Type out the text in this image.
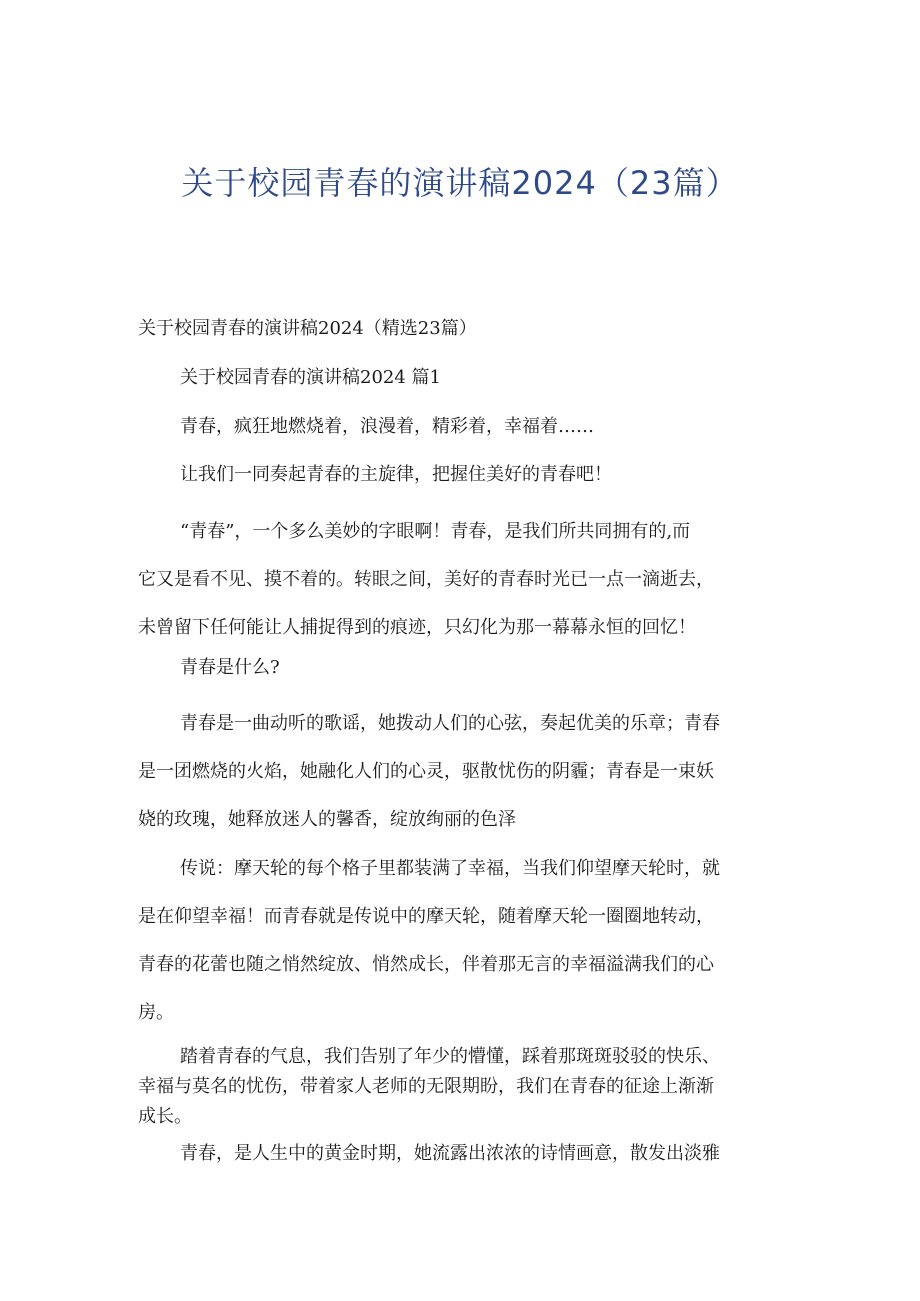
关于校园青春的演讲稿2024（23篇）

关于校园青春的演讲稿2024（精选23篇）

关于校园青春的演讲稿2024 篇1

青春，疯狂地燃烧着，浪漫着，精彩着，幸福着……

让我们一同奏起青春的主旋律，把握住美好的青春吧！

“青春”，一个多么美妙的字眼啊！青春，是我们所共同拥有的,而
它又是看不见、摸不着的。转眼之间，美好的青春时光已一点一滴逝去，
未曾留下任何能让人捕捉得到的痕迹，只幻化为那一幕幕永恒的回忆！

青春是什么?

青春是一曲动听的歌谣，她拨动人们的心弦，奏起优美的乐章；青春
是一团燃烧的火焰，她融化人们的心灵，驱散忧伤的阴霾；青春是一束妖
娆的玫瑰，她释放迷人的馨香，绽放绚丽的色泽
传说：摩天轮的每个格子里都装满了幸福，当我们仰望摩天轮时，就
是在仰望幸福！而青春就是传说中的摩天轮，随着摩天轮一圈圈地转动，
青春的花蕾也随之悄然绽放、悄然成长，伴着那无言的幸福溢满我们的心
房。
踏着青春的气息，我们告别了年少的懵懂，踩着那斑斑驳驳的快乐、
幸福与莫名的忧伤，带着家人老师的无限期盼，我们在青春的征途上渐渐
成长。

青春，是人生中的黄金时期，她流露出浓浓的诗情画意，散发出淡雅
